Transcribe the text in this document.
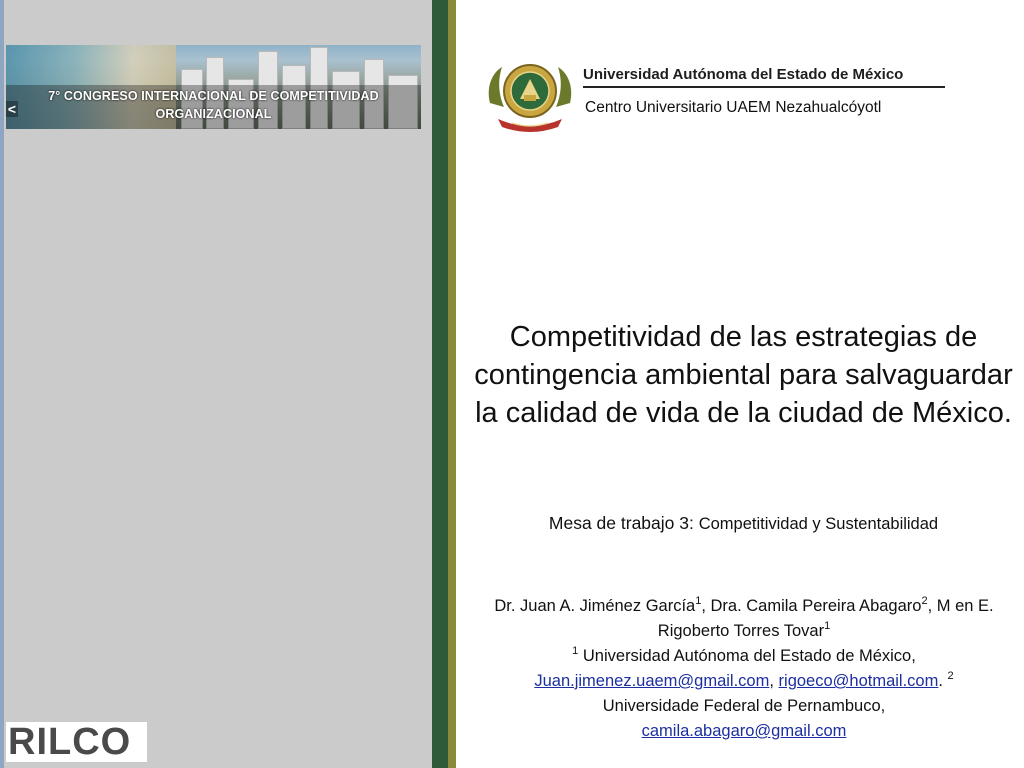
7° CONGRESO INTERNACIONAL DE COMPETITIVIDAD
ORGANIZACIONAL
<
RILCO
Universidad Autónoma del Estado de México
Centro Universitario UAEM Nezahualcóyotl
Competitividad de las estrategias de contingencia ambiental para salvaguardar la calidad de vida de la ciudad de México.
Mesa de trabajo 3: Competitividad y Sustentabilidad
Dr. Juan A. Jiménez García$^1$, Dra. Camila Pereira Abagaro$^2$, M en E. Rigoberto Torres Tovar$^1$
$^1$ Universidad Autónoma del Estado de México,
Juan.jimenez.uaem@gmail.com, rigoeco@hotmail.com. $^2$
Universidade Federal de Pernambuco,
camila.abagaro@gmail.com
